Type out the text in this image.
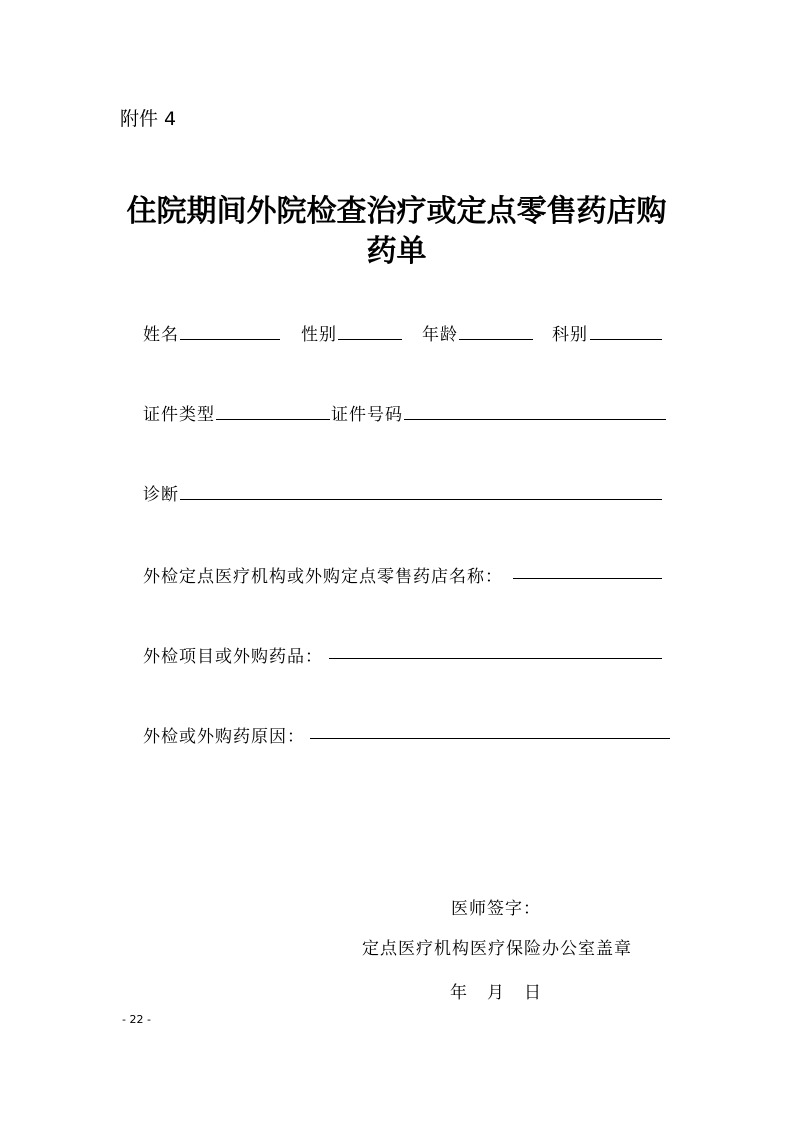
附件 4
住院期间外院检查治疗或定点零售药店购
药单
姓名	性别	年龄	科别
证件类型	证件号码
诊断
外检定点医疗机构或外购定点零售药店名称：
外检项目或外购药品：
外检或外购药原因：
医师签字：
定点医疗机构医疗保险办公室盖章
年 月 日
- 22 -
